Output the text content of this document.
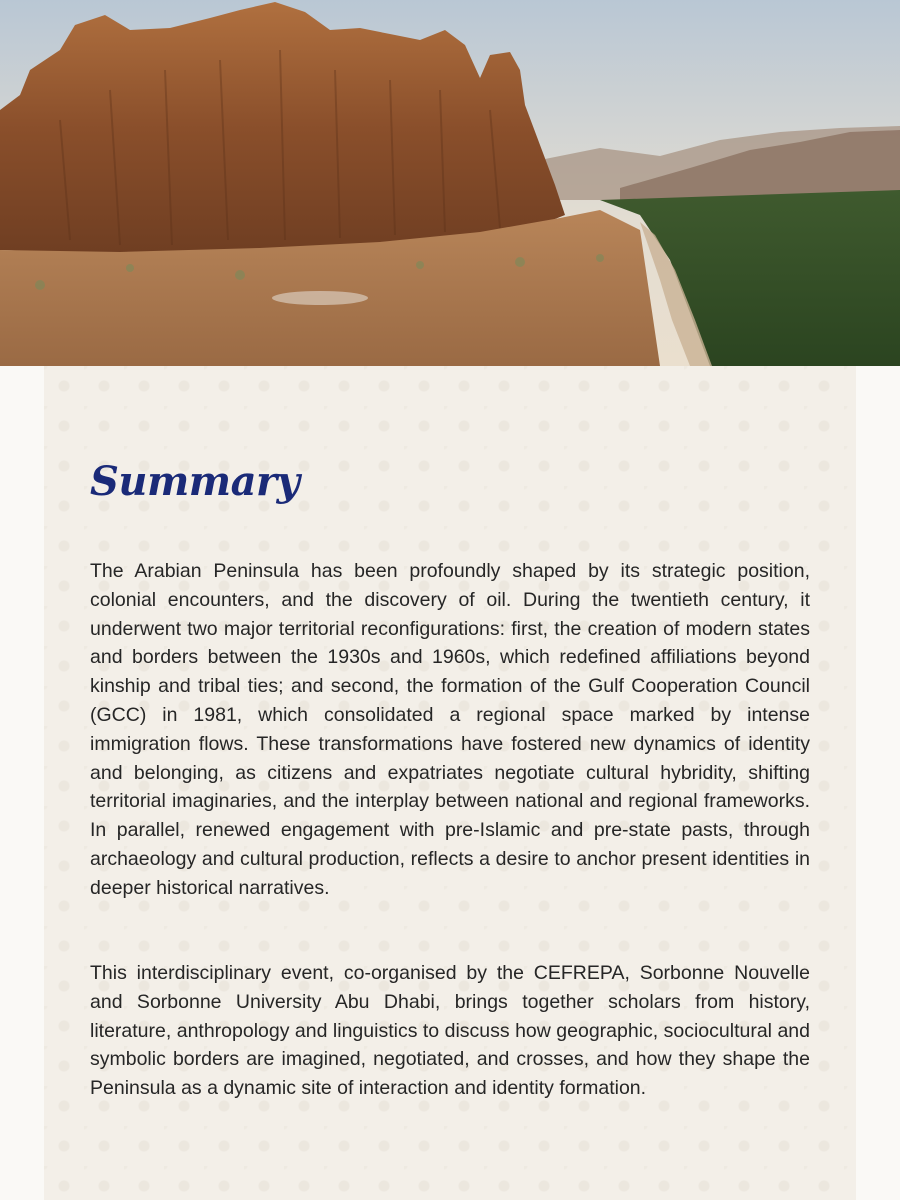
Summary

The Arabian Peninsula has been profoundly shaped by its strategic position, colonial encounters, and the discovery of oil. During the twentieth century, it underwent two major territorial reconfigurations: first, the creation of modern states and borders between the 1930s and 1960s, which redefined affiliations beyond kinship and tribal ties; and second, the formation of the Gulf Cooperation Council (GCC) in 1981, which consolidated a regional space marked by intense immigration flows. These transformations have fostered new dynamics of identity and belonging, as citizens and expatriates negotiate cultural hybridity, shifting territorial imaginaries, and the interplay between national and regional frameworks. In parallel, renewed engagement with pre-Islamic and pre-state pasts, through archaeology and cultural production, reflects a desire to anchor present identities in deeper historical narratives.

This interdisciplinary event, co-organised by the CEFREPA, Sorbonne Nouvelle and Sorbonne University Abu Dhabi, brings together scholars from history, literature, anthropology and linguistics to discuss how geographic, sociocultural and symbolic borders are imagined, negotiated, and crosses, and how they shape the Peninsula as a dynamic site of interaction and identity formation.
